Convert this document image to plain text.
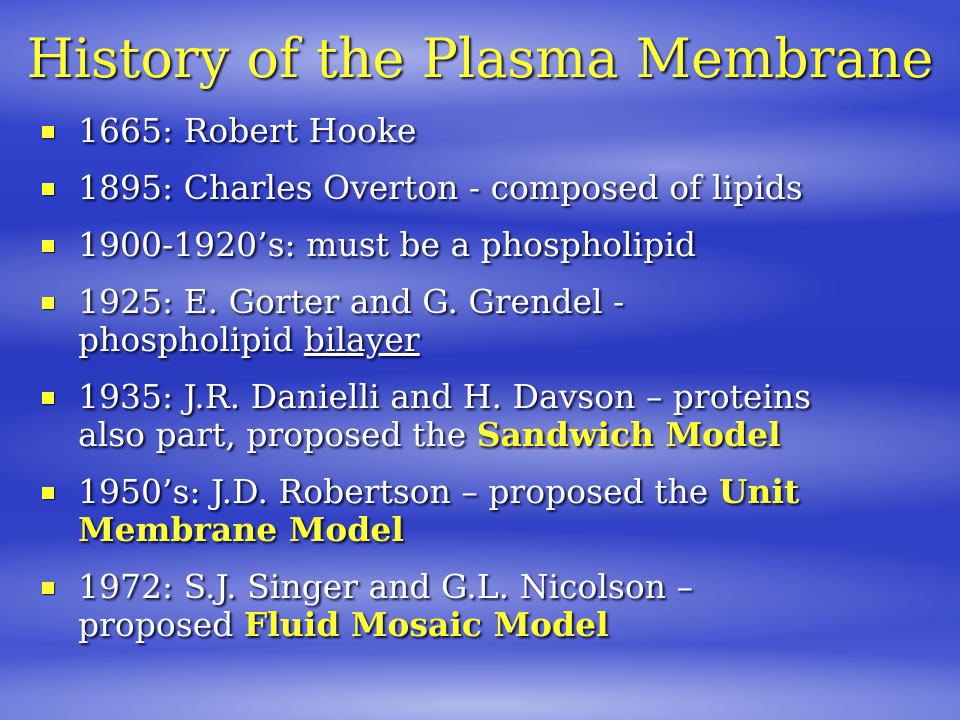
History of the Plasma Membrane
1665: Robert Hooke
1895: Charles Overton - composed of lipids
1900-1920’s: must be a phospholipid
1925: E. Gorter and G. Grendel -
phospholipid bilayer
1935: J.R. Danielli and H. Davson – proteins
also part, proposed the Sandwich Model
1950’s: J.D. Robertson – proposed the Unit
Membrane Model
1972: S.J. Singer and G.L. Nicolson –
proposed Fluid Mosaic Model
